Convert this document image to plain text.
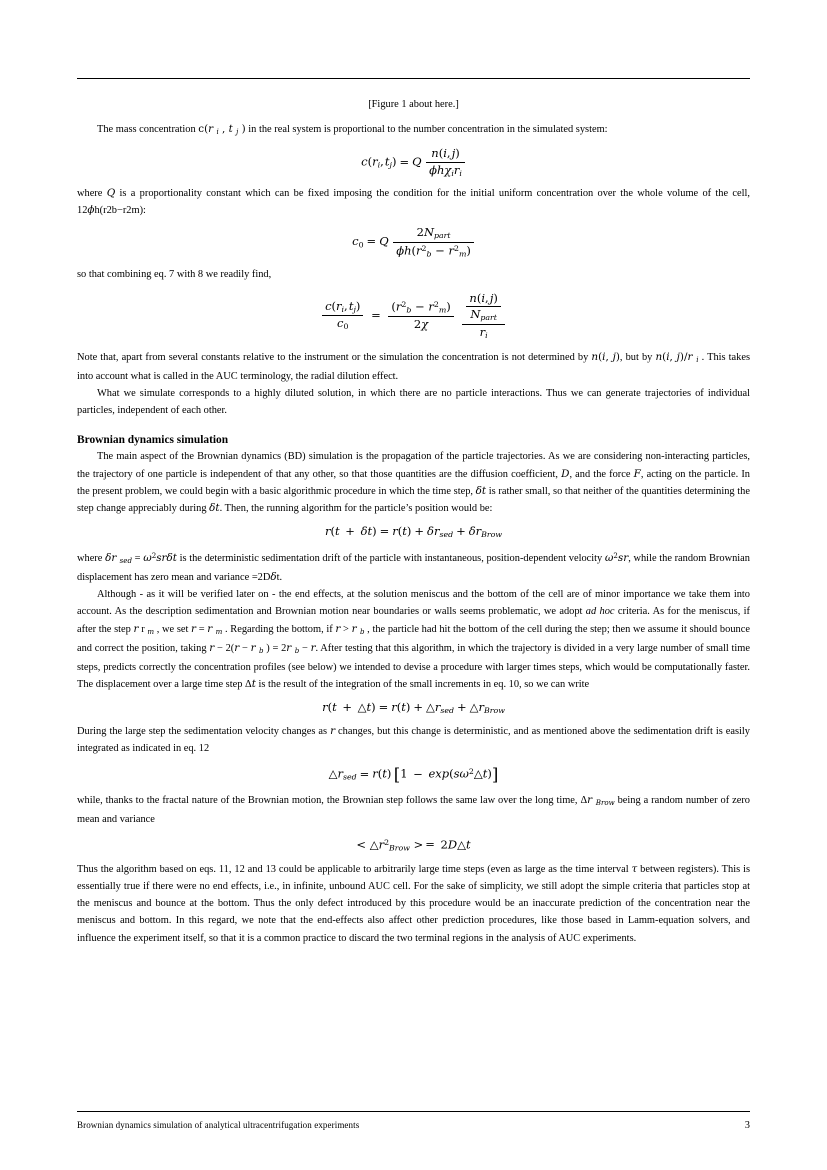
[Figure 1 about here.]

The mass concentration c(r $_i$ , t $_j$ ) in the real system is proportional to the number concentration in the simulated system:

$c(r_i$, $t_j) = Q \frac{n(i, j)}{\phi h\chi_ir_i}$

where Q is a proportionality constant which can be fixed imposing the condition for the initial uniform concentration over the whole volume of the cell, 12ϕh(r2b−r2m):

$c_0 = Q \frac{2N_{part}}{\phi h(r^2_b - r^2_m)}$

so that combining eq. 7 with 8 we readily find,

$\frac{c(r_i, t_j)}{c_0} = \frac{(r^2_b - r^2_m)}{2\chi}$
$\frac{\frac{n(i, j)}{N_{part}}}{r_i}$

Note that, apart from several constants relative to the instrument or the simulation the concentration is not determined by n(i, j), but by n(i, j)/r $_i$ . This takes into account what is called in the AUC terminology, the radial dilution effect.

What we simulate corresponds to a highly diluted solution, in which there are no particle interactions. Thus we can generate trajectories of individual particles, independent of each other.

Brownian dynamics simulation

The main aspect of the Brownian dynamics (BD) simulation is the propagation of the particle trajectories. As we are considering non-interacting particles, the trajectory of one particle is independent of that any other, so that those quantities are the diffusion coefficient, D, and the force F, acting on the particle. In the present problem, we could begin with a basic algorithmic procedure in which the time step, δt is rather small, so that neither of the quantities determining the step change appreciably during δt. Then, the running algorithm for the particle’s position would be:

$r(t + \delta t) = r(t) + \delta r_{sed} + \delta r_{Brow}$

where δr $_{sed} = \omega^2sr\delta t$ is the deterministic sedimentation drift of the particle with instantaneous, position-dependent velocity $\omega^2sr$, while the random Brownian displacement has zero mean and variance =2Dδt.

Although - as it will be verified later on - the end effects, at the solution meniscus and the bottom of the cell are of minor importance we take them into account. As the description sedimentation and Brownian motion near boundaries or walls seems problematic, we adopt ad hoc criteria. As for the meniscus, if after the step r r $_m$ , we set r = r $_m$ . Regarding the bottom, if r > r $_b$ , the particle had hit the bottom of the cell during the step; then we assume it should bounce and correct the position, taking r − 2(r − r $_b$ ) = 2r $_b$ − r. After testing that this algorithm, in which the trajectory is divided in a very large number of small time steps, predicts correctly the concentration profiles (see below) we intended to devise a procedure with larger times steps, which would be computationally faster. The displacement over a large time step Δt is the result of the integration of the small increments in eq. 10, so we can write

r(t + △t) = $r(t) + \triangle r_{sed}$ + $\triangle r_{Brow}$

During the large step the sedimentation velocity changes as r changes, but this change is deterministic, and as mentioned above the sedimentation drift is easily integrated as indicated in eq. 12

$\triangle r_{sed} = r(t) [1$ − $\exp(s\omega^2\triangle t)$]

while, thanks to the fractal nature of the Brownian motion, the Brownian step follows the same law over the long time, Δr $_{Brow}$ being a random number of zero mean and variance

< $\triangle r^2_{Brow}$ > = 2D△t

Thus the algorithm based on eqs. 11, 12 and 13 could be applicable to arbitrarily large time steps (even as large as the time interval τ between registers). This is essentially true if there were no end effects, i.e., in infinite, unbound AUC cell. For the sake of simplicity, we still adopt the simple criteria that particles stop at the meniscus and bounce at the bottom. Thus the only defect introduced by this procedure would be an inaccurate prediction of the concentration near the meniscus and bottom. In this regard, we note that the end-effects also affect other prediction procedures, like those based in Lamm-equation solvers, and influence the experiment itself, so that it is a common practice to discard the two terminal regions in the analysis of AUC experiments.

Brownian dynamics simulation of analytical ultracentrifugation experiments	3
